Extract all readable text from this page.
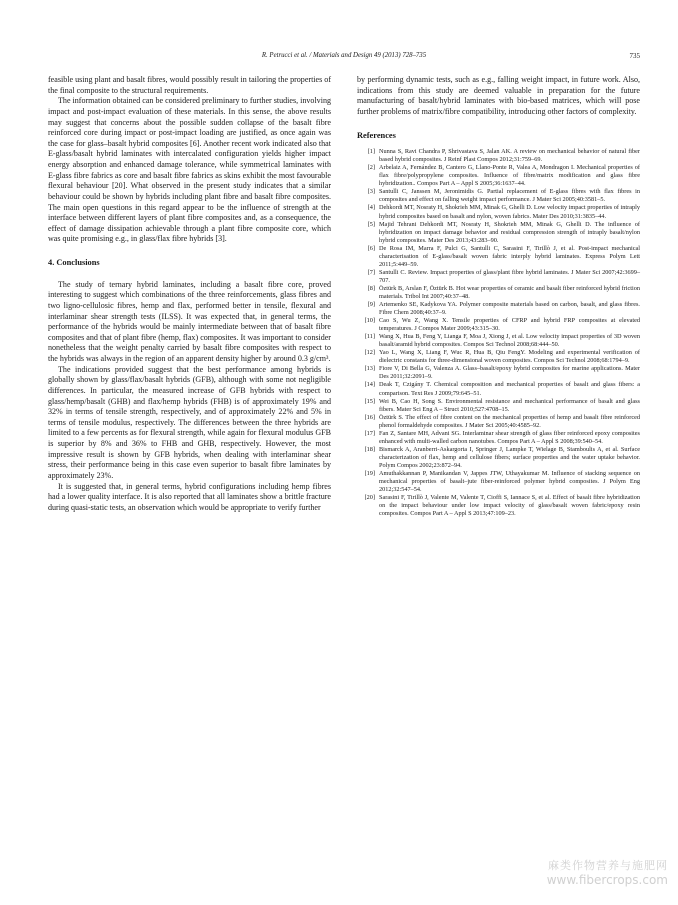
R. Petrucci et al. / Materials and Design 49 (2013) 728–735	735

feasible using plant and basalt fibres, would possibly result in tailoring the properties of the final composite to the structural requirements.

The information obtained can be considered preliminary to further studies, involving impact and post-impact evaluation of these materials. In this sense, the above results may suggest that concerns about the possible sudden collapse of the basalt fibre reinforced core during impact or post-impact loading are justified, as once again was the case for glass–basalt hybrid composites [6]. Another recent work indicated also that E-glass/basalt hybrid laminates with intercalated configuration yields higher impact energy absorption and enhanced damage tolerance, while symmetrical laminates with E-glass fibre fabrics as core and basalt fibre fabrics as skins exhibit the most favourable flexural behaviour [20]. What observed in the present study indicates that a similar behaviour could be shown by hybrids including plant fibre and basalt fibre composites. The main open questions in this regard appear to be the influence of strength at the interface between different layers of plant fibre composites and, as a consequence, the effect of damage dissipation achievable through a plant fibre composite core, which was quite promising e.g., in glass/flax fibre hybrids [3].

4. Conclusions

The study of ternary hybrid laminates, including a basalt fibre core, proved interesting to suggest which combinations of the three reinforcements, glass fibres and two ligno-cellulosic fibres, hemp and flax, performed better in tensile, flexural and interlaminar shear strength tests (ILSS). It was expected that, in general terms, the performance of the hybrids would be mainly intermediate between that of basalt fibre composites and that of plant fibre (hemp, flax) composites. It was important to consider nonetheless that the weight penalty carried by basalt fibre composites with respect to the hybrids was always in the region of an apparent density higher by around 0.3 g/cm³.

The indications provided suggest that the best performance among hybrids is globally shown by glass/flax/basalt hybrids (GFB), although with some not negligible differences. In particular, the measured increase of GFB hybrids with respect to glass/hemp/basalt (GHB) and flax/hemp hybrids (FHB) is of approximately 19% and 32% in terms of tensile strength, respectively, and of approximately 22% and 5% in terms of tensile modulus, respectively. The differences between the three hybrids are limited to a few percents as for flexural strength, while again for flexural modulus GFB is superior by 8% and 36% to FHB and GHB, respectively. However, the most impressive result is shown by GFB hybrids, when dealing with interlaminar shear stress, their performance being in this case even superior to basalt fibre laminates by approximately 23%.

It is suggested that, in general terms, hybrid configurations including hemp fibres had a lower quality interface. It is also reported that all laminates show a brittle fracture during quasi-static tests, an observation which would be appropriate to verify further

by performing dynamic tests, such as e.g., falling weight impact, in future work. Also, indications from this study are deemed valuable in preparation for the future manufacturing of basalt/hybrid laminates with bio-based matrices, which will pose further problems of matrix/fibre compatibility, introducing other factors of complexity.

References
[1] Nunna S, Ravi Chandra P, Shrivastava S, Jalan AK. A review on mechanical behavior of natural fiber based hybrid composites. J Reinf Plast Compos 2012;31:759–69.
[2] Arbelaiz A, Fernández B, Cantero G, Llano-Ponte R, Valea A, Mondragon I. Mechanical properties of flax fibre/polypropylene composites. Influence of fibre/matrix modification and glass fibre hybridization.. Compos Part A – Appl S 2005;36:1637–44.
[3] Santulli C, Janssen M, Jeronimidis G. Partial replacement of E-glass fibres with flax fibres in composites and effect on falling weight impact performance. J Mater Sci 2005;40:3581–5.
[4] Dehkordi MT, Nosraty H, Shokrieh MM, Minak G, Ghelli D. Low velocity impact properties of intraply hybrid composites based on basalt and nylon, woven fabrics. Mater Des 2010;31:3835–44.
[5] Majid Tehrani Dehkordi MT, Nosraty H, Shokrieh MM, Minak G, Ghelli D. The influence of hybridization on impact damage behavior and residual compression strength of intraply basalt/nylon hybrid composites. Mater Des 2013;43:283–90.
[6] De Rosa IM, Marra F, Pulci G, Santulli C, Sarasini F, Tirillò J, et al. Post-impact mechanical characterisation of E-glass/basalt woven fabric interply hybrid laminates. Express Polym Lett 2011;5:449–59.
[7] Santulli C. Review. Impact properties of glass/plant fibre hybrid laminates. J Mater Sci 2007;42:3699–707.
[8] Öztürk B, Arslan F, Öztürk B. Hot wear properties of ceramic and basalt fiber reinforced hybrid friction materials. Tribol Int 2007;40:37–48.
[9] Artemenko SE, Kadykova YA. Polymer composite materials based on carbon, basalt, and glass fibres. Fibre Chem 2008;40:37–9.
[10] Cao S, Wu Z, Wang X. Tensile properties of CFRP and hybrid FRP composites at elevated temperatures. J Compos Mater 2009;43:315–30.
[11] Wang X, Hua B, Feng Y, Lianga F, Moa J, Xiong J, et al. Low velocity impact properties of 3D woven basalt/aramid hybrid composites. Compos Sci Technol 2008;68:444–50.
[12] Yao L, Wang X, Liang F, Wuc R, Hua B, Qiu FengY. Modeling and experimental verification of dielectric constants for three-dimensional woven composites. Compos Sci Technol 2008;68:1794–9.
[13] Fiore V, Di Bella G, Valenza A. Glass–basalt/epoxy hybrid composites for marine applications. Mater Des 2011;32:2091–9.
[14] Deak T, Czigány T. Chemical composition and mechanical properties of basalt and glass fibers: a comparison. Text Res J 2009;79:645–51.
[15] Wei B, Cao H, Song S. Environmental resistance and mechanical performance of basalt and glass fibers. Mater Sci Eng A – Struct 2010;527:4708–15.
[16] Öztürk S. The effect of fibre content on the mechanical properties of hemp and basalt fibre reinforced phenol formaldehyde composites. J Mater Sci 2005;40:4585–92.
[17] Fan Z, Santare MH, Advani SG. Interlaminar shear strength of glass fiber reinforced epoxy composites enhanced with multi-walled carbon nanotubes. Compos Part A – Appl S 2008;39:540–54.
[18] Bismarck A, Aranberri-Askargorta I, Springer J, Lampke T, Wielage B, Stamboulis A, et al. Surface characterization of flax, hemp and cellulose fibers; surface properties and the water uptake behavior. Polym Compos 2002;23:872–94.
[19] Amuthakkannan P, Manikandan V, Jappes JTW, Uthayakumar M. Influence of stacking sequence on mechanical properties of basalt–jute fiber-reinforced polymer hybrid composites. J Polym Eng 2012;32:547–54.
[20] Sarasini F, Tirillò J, Valente M, Valente T, Cioffi S, Iannace S, et al. Effect of basalt fibre hybridization on the impact behaviour under low impact velocity of glass/basalt woven fabric/epoxy resin composites. Compos Part A – Appl S 2013;47:109–23.
麻类作物营养与施肥网
www.fibercrops.com
